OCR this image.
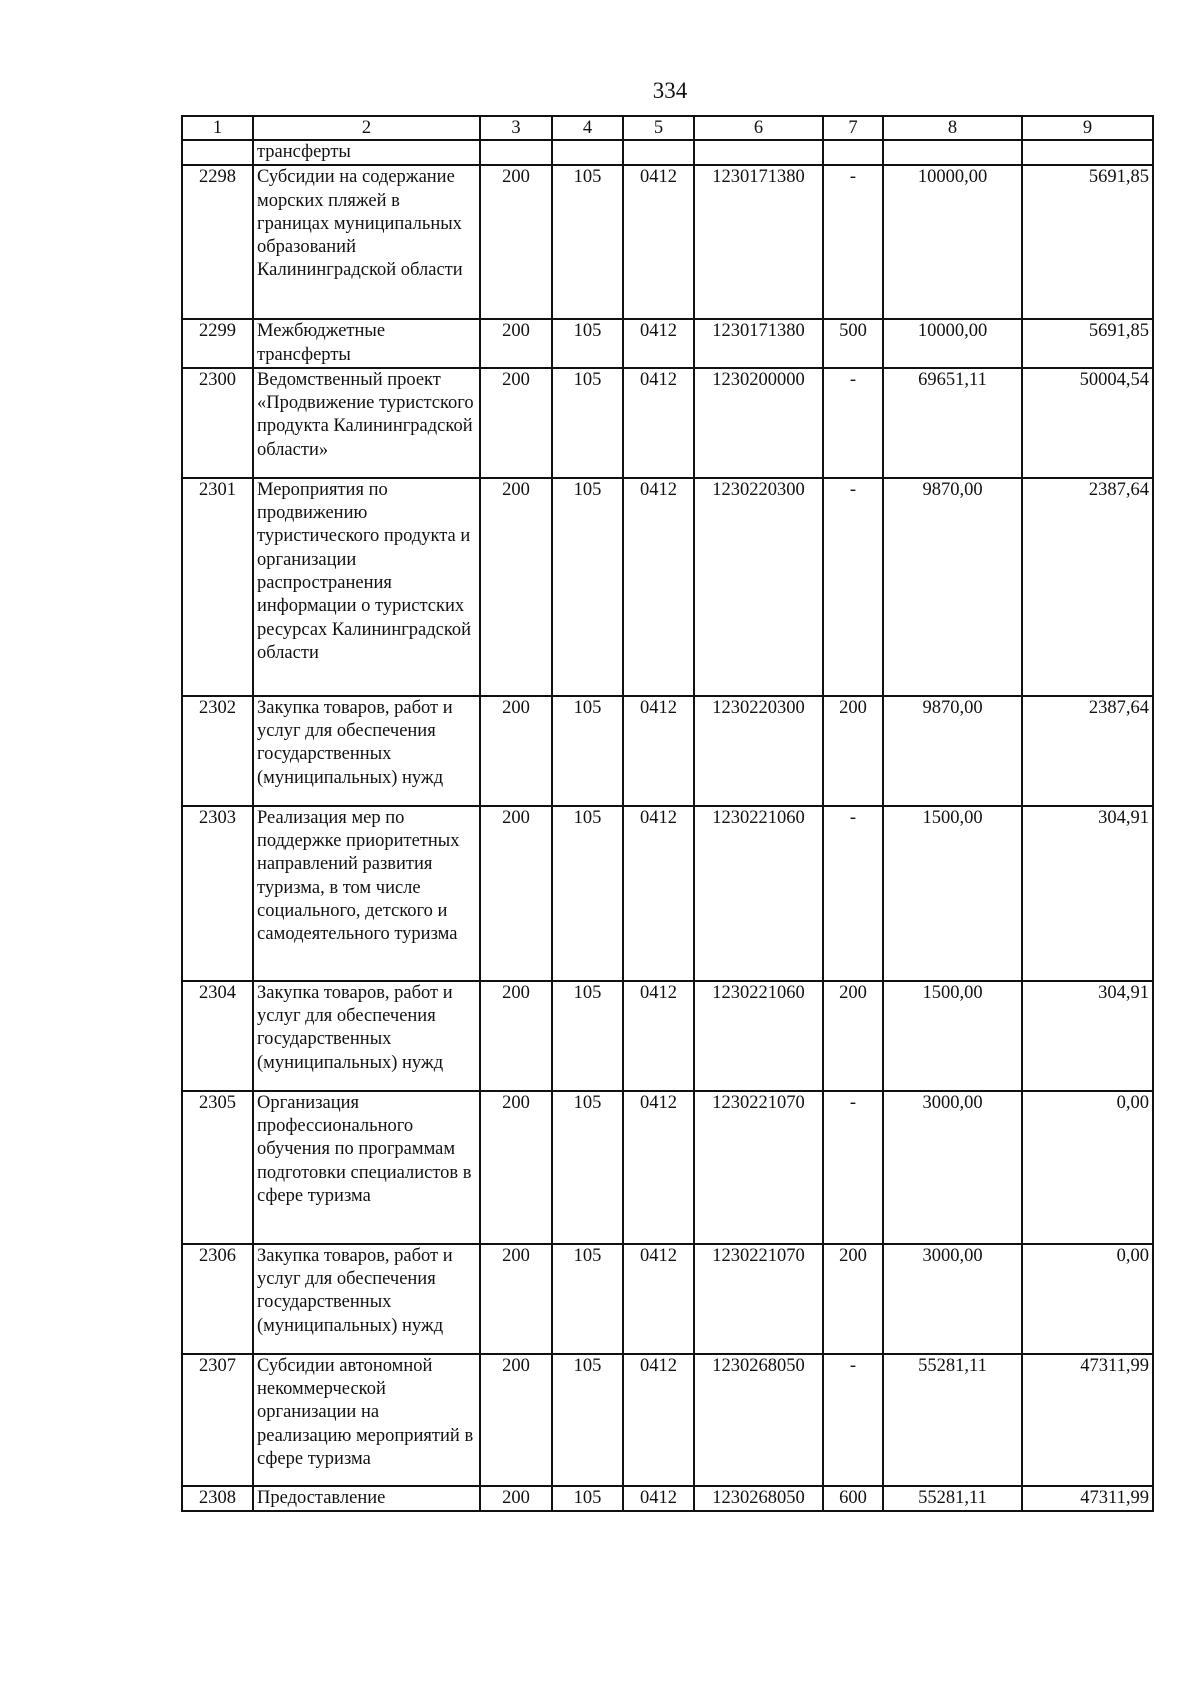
334
1	2	3	4	5	6	7	8	9
	трансферты							
2298	Субсидии на содержание морских пляжей в границах муниципальных образований Калининградской области	200	105	0412	1230171380	-	10000,00	5691,85
2299	Межбюджетные трансферты	200	105	0412	1230171380	500	10000,00	5691,85
2300	Ведомственный проект «Продвижение туристского продукта Калининградской области»	200	105	0412	1230200000	-	69651,11	50004,54
2301	Мероприятия по продвижению туристического продукта и организации распространения информации о туристских ресурсах Калининградской области	200	105	0412	1230220300	-	9870,00	2387,64
2302	Закупка товаров, работ и услуг для обеспечения государственных (муниципальных) нужд	200	105	0412	1230220300	200	9870,00	2387,64
2303	Реализация мер по поддержке приоритетных направлений развития туризма, в том числе социального, детского и самодеятельного туризма	200	105	0412	1230221060	-	1500,00	304,91
2304	Закупка товаров, работ и услуг для обеспечения государственных (муниципальных) нужд	200	105	0412	1230221060	200	1500,00	304,91
2305	Организация профессионального обучения по программам подготовки специалистов в сфере туризма	200	105	0412	1230221070	-	3000,00	0,00
2306	Закупка товаров, работ и услуг для обеспечения государственных (муниципальных) нужд	200	105	0412	1230221070	200	3000,00	0,00
2307	Субсидии автономной некоммерческой организации на реализацию мероприятий в сфере туризма	200	105	0412	1230268050	-	55281,11	47311,99
2308	Предоставление	200	105	0412	1230268050	600	55281,11	47311,99
